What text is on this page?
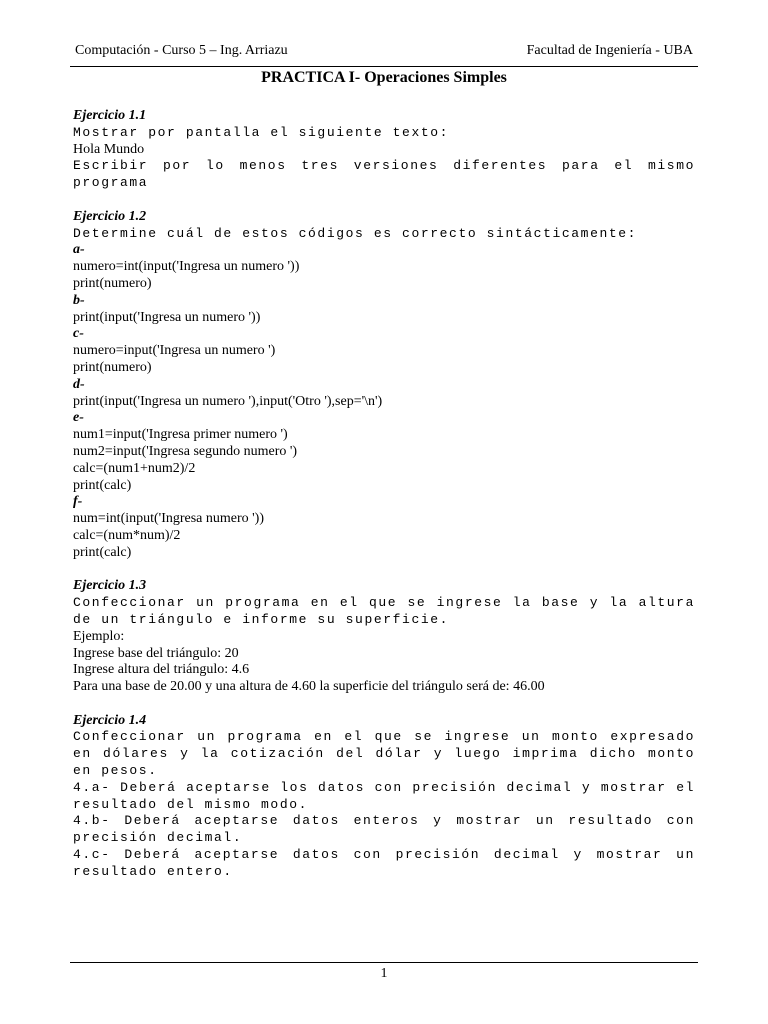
Computación - Curso 5 – Ing. Arriazu	Facultad de Ingeniería - UBA
PRACTICA I- Operaciones Simples
Ejercicio 1.1
Mostrar por pantalla el siguiente texto:
Hola Mundo
Escribir por lo menos tres versiones diferentes para el mismo
programa
Ejercicio 1.2
Determine cuál de estos códigos es correcto sintácticamente:
a-
numero=int(input('Ingresa un numero '))
print(numero)
b-
print(input('Ingresa un numero '))
c-
numero=input('Ingresa un numero ')
print(numero)
d-
print(input('Ingresa un numero '),input('Otro '),sep='\n')
e-
num1=input('Ingresa primer numero ')
num2=input('Ingresa segundo numero ')
calc=(num1+num2)/2
print(calc)
f-
num=int(input('Ingresa numero '))
calc=(num*num)/2
print(calc)
Ejercicio 1.3
Confeccionar un programa en el que se ingrese la base y la altura
de un triángulo e informe su superficie.
Ejemplo:
Ingrese base del triángulo: 20
Ingrese altura del triángulo: 4.6
Para una base de 20.00 y una altura de 4.60 la superficie del triángulo será de: 46.00
Ejercicio 1.4
Confeccionar un programa en el que se ingrese un monto expresado
en dólares y la cotización del dólar y luego imprima dicho monto
en pesos.
4.a- Deberá aceptarse los datos con precisión decimal y mostrar el
resultado del mismo modo.
4.b- Deberá aceptarse datos enteros y mostrar un resultado con
precisión decimal.
4.c- Deberá aceptarse datos con precisión decimal y mostrar un
resultado entero.
1
